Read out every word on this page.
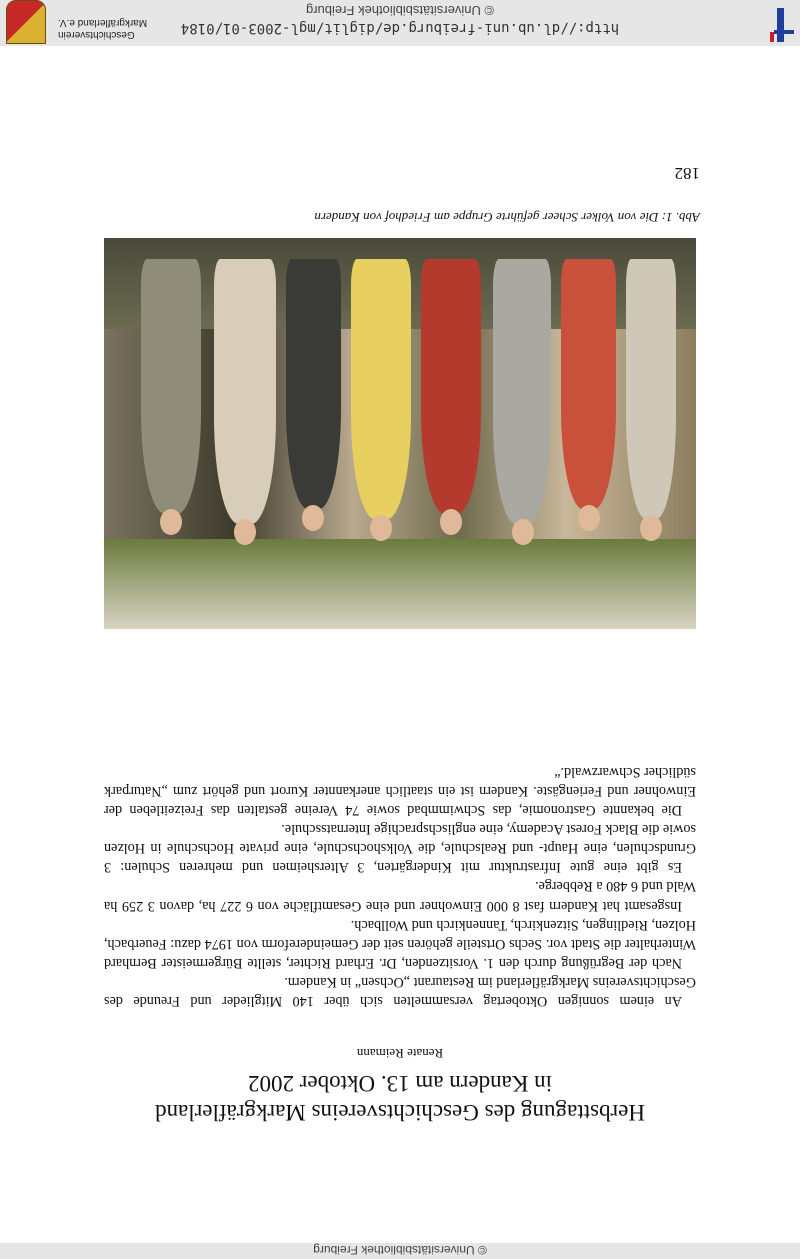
© Universitätsbibliothek Freiburg
182
Abb. 1: Die von Volker Scheer geführte Gruppe am Friedhof von Kandern

An einem sonnigen Oktobertag versammelten sich über 140 Mitglieder und Freunde des Geschichtsvereins Markgräflerland im Restaurant „Ochsen“ in Kandern.

Nach der Begrüßung durch den 1. Vorsitzenden, Dr. Erhard Richter, stellte Bürgermeister Bernhard Winterhalter die Stadt vor. Sechs Ortsteile gehören seit der Gemeindereform von 1974 dazu: Feuerbach, Holzen, Riedlingen, Sitzenkirch, Tannenkirch und Wollbach.

Insgesamt hat Kandern fast 8 000 Einwohner und eine Gesamtfläche von 6 227 ha, davon 3 259 ha Wald und 6 480 a Rebberge.

Es gibt eine gute Infrastruktur mit Kindergärten, 3 Altersheimen und mehreren Schulen: 3 Grundschulen, eine Haupt- und Realschule, die Volkshochschule, eine private Hochschule in Holzen sowie die Black Forest Academy, eine englischsprachige Internatsschule.

Die bekannte Gastronomie, das Schwimmbad sowie 74 Vereine gestalten das Freizeitleben der Einwohner und Feriengäste. Kandern ist ein staatlich anerkannter Kurort und gehört zum „Naturpark südlicher Schwarzwald.“

Renate Reimann
Herbsttagung des Geschichtsvereins Markgräflerland
in Kandern am 13. Oktober 2002
http://dl.ub.uni-freiburg.de/diglit/mgl-2003-01/0184
© Universitätsbibliothek Freiburg
Geschichtsverein
Markgräflerland e.V.
